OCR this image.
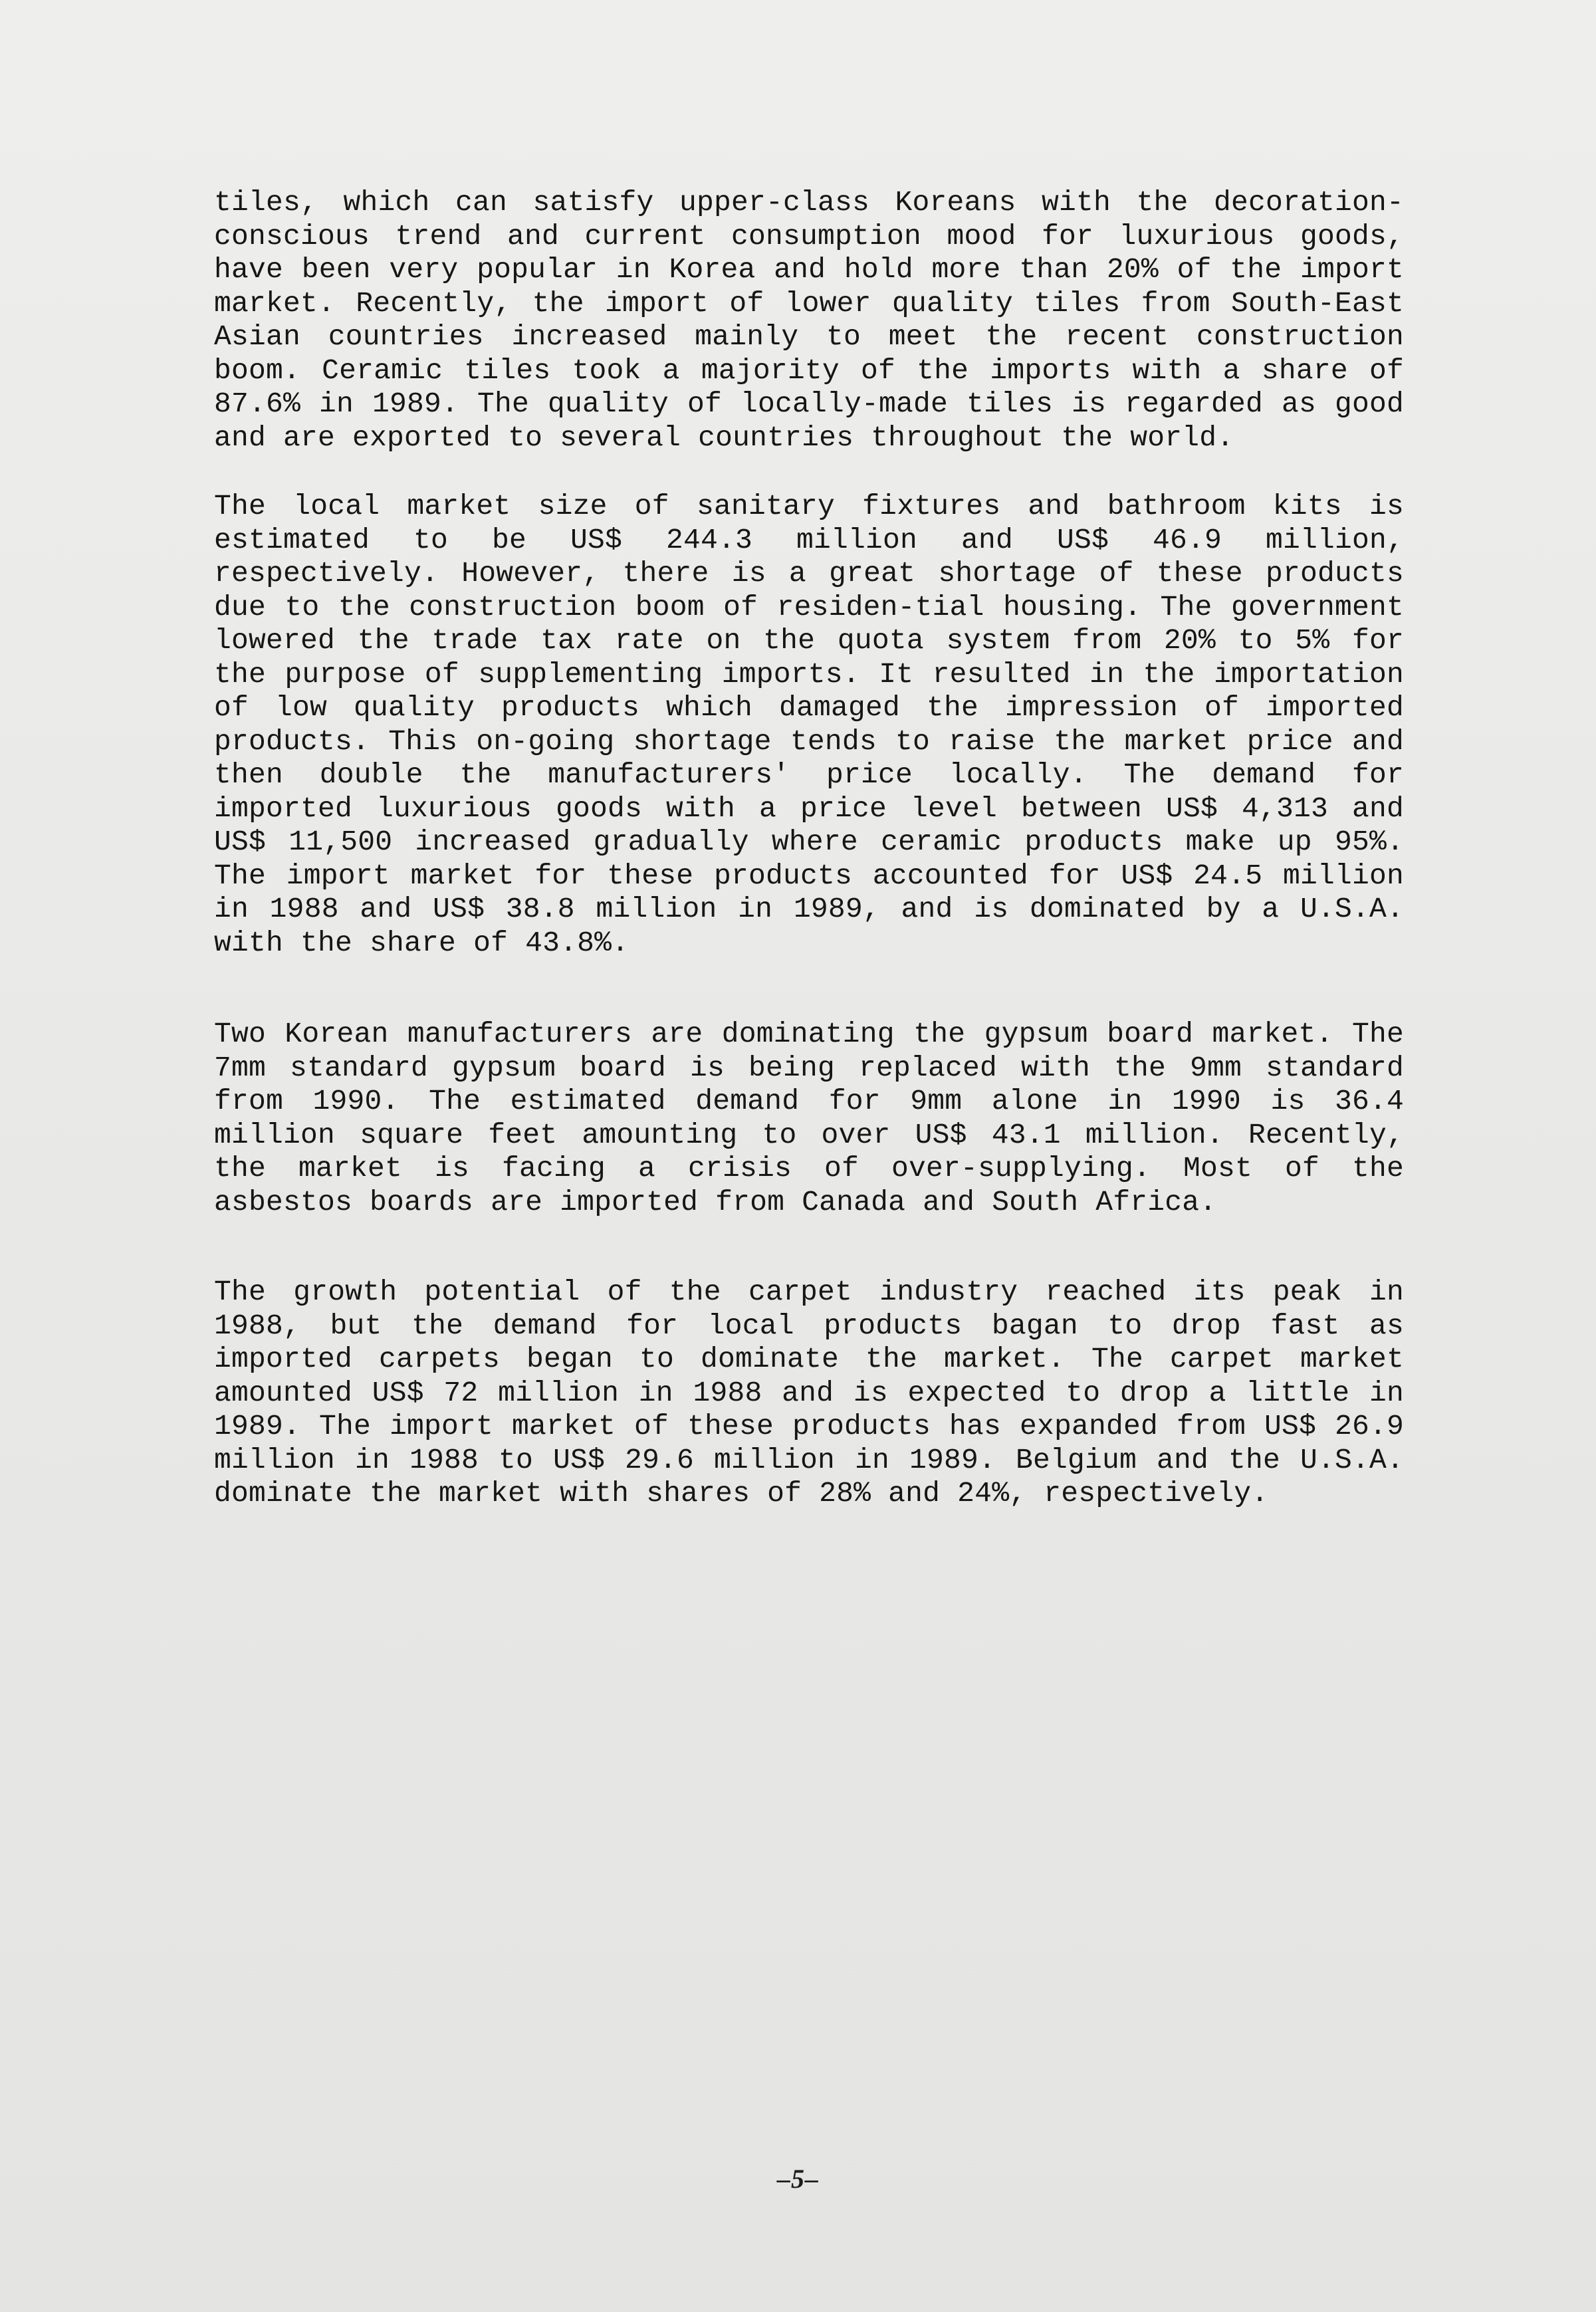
tiles, which can satisfy upper-class Koreans with the decoration-conscious trend and current consumption mood for luxurious goods, have been very popular in Korea and hold more than 20% of the import market. Recently, the import of lower quality tiles from South-East Asian countries increased mainly to meet the recent construction boom. Ceramic tiles took a majority of the imports with a share of 87.6% in 1989. The quality of locally-made tiles is regarded as good and are exported to several countries throughout the world.

The local market size of sanitary fixtures and bathroom kits is estimated to be US$ 244.3 million and US$ 46.9 million, respectively. However, there is a great shortage of these products due to the construction boom of residen-tial housing. The government lowered the trade tax rate on the quota system from 20% to 5% for the purpose of supplementing imports. It resulted in the importation of low quality products which damaged the impression of imported products. This on-going shortage tends to raise the market price and then double the manufacturers' price locally. The demand for imported luxurious goods with a price level between US$ 4,313 and US$ 11,500 increased gradually where ceramic products make up 95%. The import market for these products accounted for US$ 24.5 million in 1988 and US$ 38.8 million in 1989, and is dominated by a U.S.A. with the share of 43.8%.

Two Korean manufacturers are dominating the gypsum board market. The 7mm standard gypsum board is being replaced with the 9mm standard from 1990. The estimated demand for 9mm alone in 1990 is 36.4 million square feet amounting to over US$ 43.1 million. Recently, the market is facing a crisis of over-supplying. Most of the asbestos boards are imported from Canada and South Africa.

The growth potential of the carpet industry reached its peak in 1988, but the demand for local products bagan to drop fast as imported carpets began to dominate the market. The carpet market amounted US$ 72 million in 1988 and is expected to drop a little in 1989. The import market of these products has expanded from US$ 26.9 million in 1988 to US$ 29.6 million in 1989. Belgium and the U.S.A. dominate the market with shares of 28% and 24%, respectively.

–5–
